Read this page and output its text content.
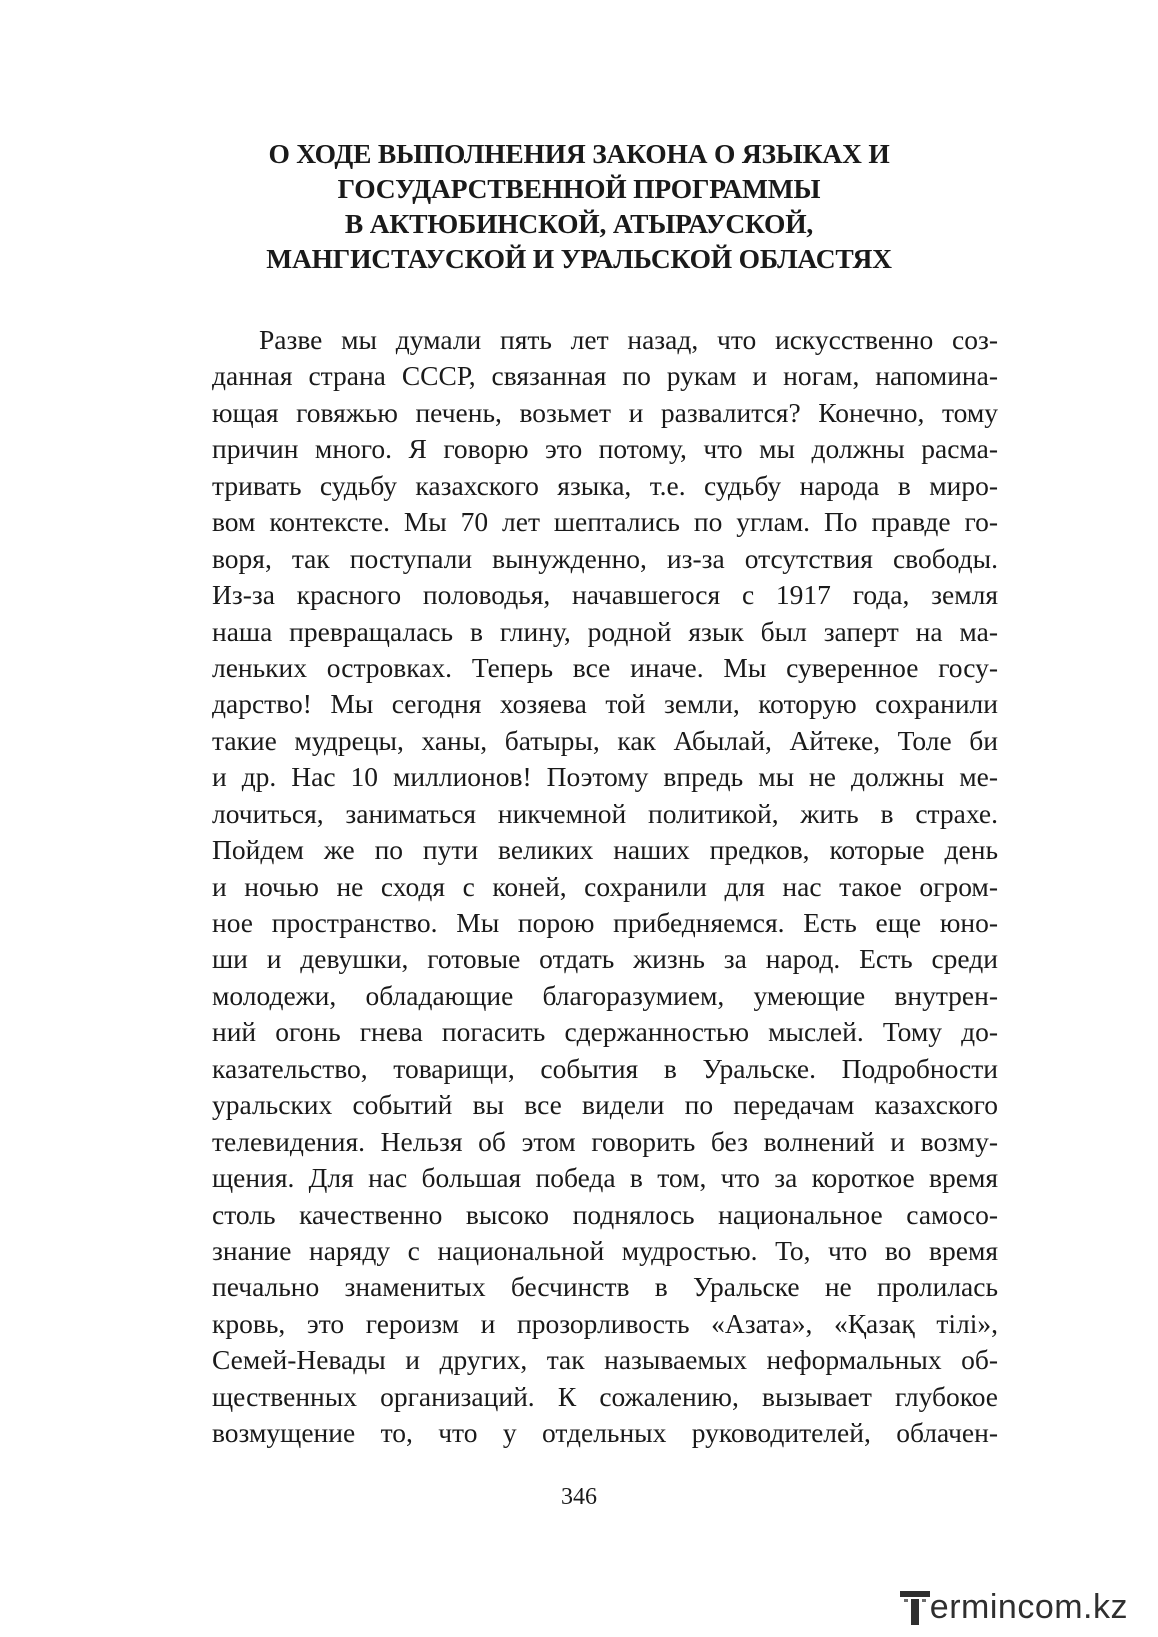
О ХОДЕ ВЫПОЛНЕНИЯ ЗАКОНА О ЯЗЫКАХ И
ГОСУДАРСТВЕННОЙ ПРОГРАММЫ
В АКТЮБИНСКОЙ, АТЫРАУСКОЙ,
МАНГИСТАУСКОЙ И УРАЛЬСКОЙ ОБЛАСТЯХ
Разве мы думали пять лет назад, что искусственно соз-
данная страна СССР, связанная по рукам и ногам, напомина-
ющая говяжью печень, возьмет и развалится? Конечно, тому
причин много. Я говорю это потому, что мы должны расма-
тривать судьбу казахского языка, т.е. судьбу народа в миро-
вом контексте. Мы 70 лет шептались по углам. По правде го-
воря, так поступали вынужденно, из-за отсутствия свободы.
Из-за красного половодья, начавшегося с 1917 года, земля
наша превращалась в глину, родной язык был заперт на ма-
леньких островках. Теперь все иначе. Мы суверенное госу-
дарство! Мы сегодня хозяева той земли, которую сохранили
такие мудрецы, ханы, батыры, как Абылай, Айтеке, Толе би
и др. Нас 10 миллионов! Поэтому впредь мы не должны ме-
лочиться, заниматься никчемной политикой, жить в страхе.
Пойдем же по пути великих наших предков, которые день
и ночью не сходя с коней, сохранили для нас такое огром-
ное пространство. Мы порою прибедняемся. Есть еще юно-
ши и девушки, готовые отдать жизнь за народ. Есть среди
молодежи, обладающие благоразумием, умеющие внутрен-
ний огонь гнева погасить сдержанностью мыслей. Тому до-
казательство, товарищи, события в Уральске. Подробности
уральских событий вы все видели по передачам казахского
телевидения. Нельзя об этом говорить без волнений и возму-
щения. Для нас большая победа в том, что за короткое время
столь качественно высоко поднялось национальное самосо-
знание наряду с национальной мудростью. То, что во время
печально знаменитых бесчинств в Уральске не пролилась
кровь, это героизм и прозорливость «Азата», «Қазақ тілі»,
Семей-Невады и других, так называемых неформальных об-
щественных организаций. К сожалению, вызывает глубокое
возмущение то, что у отдельных руководителей, облачен-
346
ermincom.kz
